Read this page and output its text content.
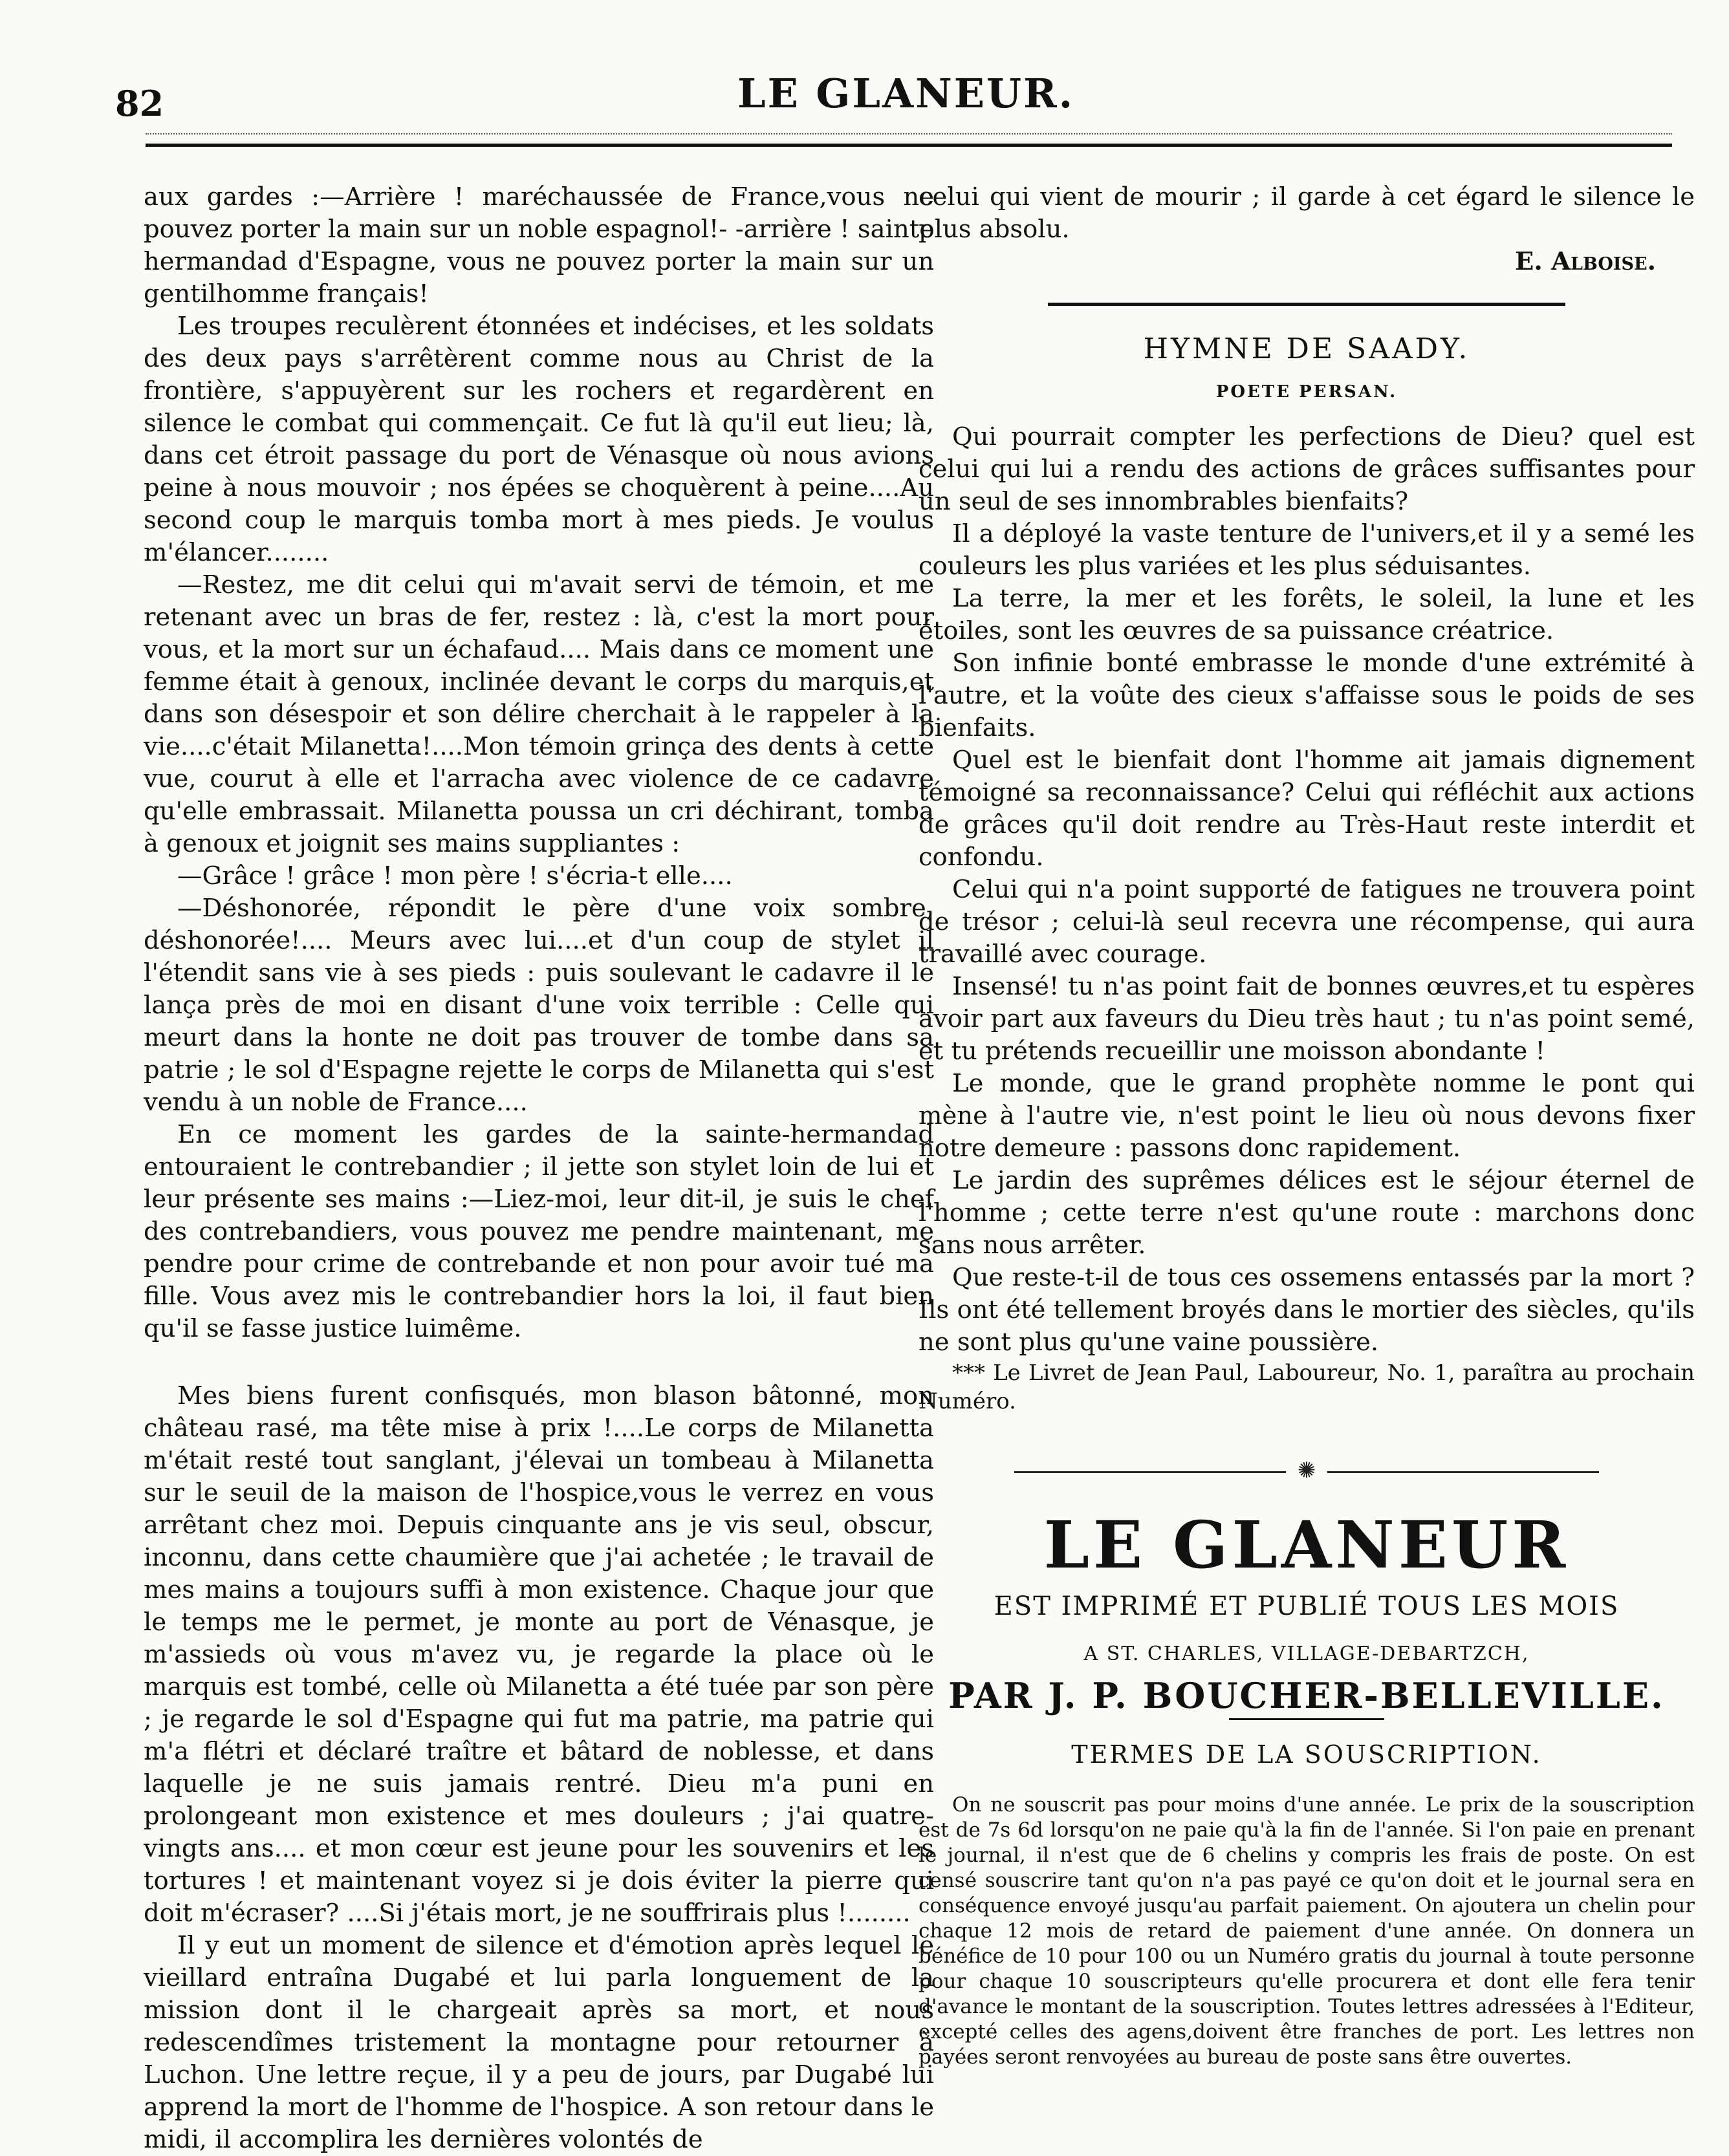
82	LE GLANEUR.

aux gardes :—Arrière ! maréchaussée de France,vous ne pouvez porter la main sur un noble espagnol!- -arrière ! sainte hermandad d'Espagne, vous ne pouvez porter la main sur un gentilhomme français!

Les troupes reculèrent étonnées et indécises, et les soldats des deux pays s'arrêtèrent comme nous au Christ de la frontière, s'appuyèrent sur les rochers et regardèrent en silence le combat qui commençait. Ce fut là qu'il eut lieu; là, dans cet étroit passage du port de Vénasque où nous avions peine à nous mouvoir ; nos épées se choquèrent à peine....Au second coup le marquis tomba mort à mes pieds. Je voulus m'élancer........

—Restez, me dit celui qui m'avait servi de témoin, et me retenant avec un bras de fer, restez : là, c'est la mort pour vous, et la mort sur un échafaud.... Mais dans ce moment une femme était à genoux, inclinée devant le corps du marquis,et dans son désespoir et son délire cherchait à le rappeler à la vie....c'était Milanetta!....Mon témoin grinça des dents à cette vue, courut à elle et l'arracha avec violence de ce cadavre qu'elle embrassait. Milanetta poussa un cri déchirant, tomba à genoux et joignit ses mains suppliantes :

—Grâce ! grâce ! mon père ! s'écria-t elle....

—Déshonorée, répondit le père d'une voix sombre, déshonorée!.... Meurs avec lui....et d'un coup de stylet il l'étendit sans vie à ses pieds : puis soulevant le cadavre il le lança près de moi en disant d'une voix terrible : Celle qui meurt dans la honte ne doit pas trouver de tombe dans sa patrie ; le sol d'Espagne rejette le corps de Milanetta qui s'est vendu à un noble de France....

En ce moment les gardes de la sainte-hermandad entouraient le contrebandier ; il jette son stylet loin de lui et leur présente ses mains :—Liez-moi, leur dit-il, je suis le chef des contrebandiers, vous pouvez me pendre maintenant, me pendre pour crime de contrebande et non pour avoir tué ma fille. Vous avez mis le contrebandier hors la loi, il faut bien qu'il se fasse justice luimême.

Mes biens furent confisqués, mon blason bâtonné, mon château rasé, ma tête mise à prix !....Le corps de Milanetta m'était resté tout sanglant, j'élevai un tombeau à Milanetta sur le seuil de la maison de l'hospice,vous le verrez en vous arrêtant chez moi. Depuis cinquante ans je vis seul, obscur, inconnu, dans cette chaumière que j'ai achetée ; le travail de mes mains a toujours suffi à mon existence. Chaque jour que le temps me le permet, je monte au port de Vénasque, je m'assieds où vous m'avez vu, je regarde la place où le marquis est tombé, celle où Milanetta a été tuée par son père ; je regarde le sol d'Espagne qui fut ma patrie, ma patrie qui m'a flétri et déclaré traître et bâtard de noblesse, et dans laquelle je ne suis jamais rentré. Dieu m'a puni en prolongeant mon existence et mes douleurs ; j'ai quatre-vingts ans.... et mon cœur est jeune pour les souvenirs et les tortures ! et maintenant voyez si je dois éviter la pierre qui doit m'écraser? ....Si j'étais mort, je ne souffrirais plus !........

Il y eut un moment de silence et d'émotion après lequel le vieillard entraîna Dugabé et lui parla longuement de la mission dont il le chargeait après sa mort, et nous redescendîmes tristement la montagne pour retourner à Luchon. Une lettre reçue, il y a peu de jours, par Dugabé lui apprend la mort de l'homme de l'hospice. A son retour dans le midi, il accomplira les dernières volontés de

celui qui vient de mourir ; il garde à cet égard le silence le plus absolu.

E. Alboise.

HYMNE DE SAADY.
POETE PERSAN.

Qui pourrait compter les perfections de Dieu? quel est celui qui lui a rendu des actions de grâces suffisantes pour un seul de ses innombrables bienfaits?

Il a déployé la vaste tenture de l'univers,et il y a semé les couleurs les plus variées et les plus séduisantes.

La terre, la mer et les forêts, le soleil, la lune et les étoiles, sont les œuvres de sa puissance créatrice.

Son infinie bonté embrasse le monde d'une extrémité à l'autre, et la voûte des cieux s'affaisse sous le poids de ses bienfaits.

Quel est le bienfait dont l'homme ait jamais dignement témoigné sa reconnaissance? Celui qui réfléchit aux actions de grâces qu'il doit rendre au Très-Haut reste interdit et confondu.

Celui qui n'a point supporté de fatigues ne trouvera point de trésor ; celui-là seul recevra une récompense, qui aura travaillé avec courage.

Insensé! tu n'as point fait de bonnes œuvres,et tu espères avoir part aux faveurs du Dieu très haut ; tu n'as point semé, et tu prétends recueillir une moisson abondante !

Le monde, que le grand prophète nomme le pont qui mène à l'autre vie, n'est point le lieu où nous devons fixer notre demeure : passons donc rapidement.

Le jardin des suprêmes délices est le séjour éternel de l'homme ; cette terre n'est qu'une route : marchons donc sans nous arrêter.

Que reste-t-il de tous ces ossemens entassés par la mort ? Ils ont été tellement broyés dans le mortier des siècles, qu'ils ne sont plus qu'une vaine poussière.

*** Le Livret de Jean Paul, Laboureur, No. 1, paraîtra au prochain Numéro.

✺
LE GLANEUR
EST IMPRIMÉ ET PUBLIÉ TOUS LES MOIS
A ST. CHARLES, VILLAGE-DEBARTZCH,
PAR J. P. BOUCHER-BELLEVILLE.
TERMES DE LA SOUSCRIPTION.

On ne souscrit pas pour moins d'une année. Le prix de la souscription est de 7s 6d lorsqu'on ne paie qu'à la fin de l'année. Si l'on paie en prenant le journal, il n'est que de 6 chelins y compris les frais de poste. On est censé souscrire tant qu'on n'a pas payé ce qu'on doit et le journal sera en conséquence envoyé jusqu'au parfait paiement. On ajoutera un chelin pour chaque 12 mois de retard de paiement d'une année. On donnera un bénéfice de 10 pour 100 ou un Numéro gratis du journal à toute personne pour chaque 10 souscripteurs qu'elle procurera et dont elle fera tenir d'avance le montant de la souscription. Toutes lettres adressées à l'Editeur, excepté celles des agens,doivent être franches de port. Les lettres non payées seront renvoyées au bureau de poste sans être ouvertes.
